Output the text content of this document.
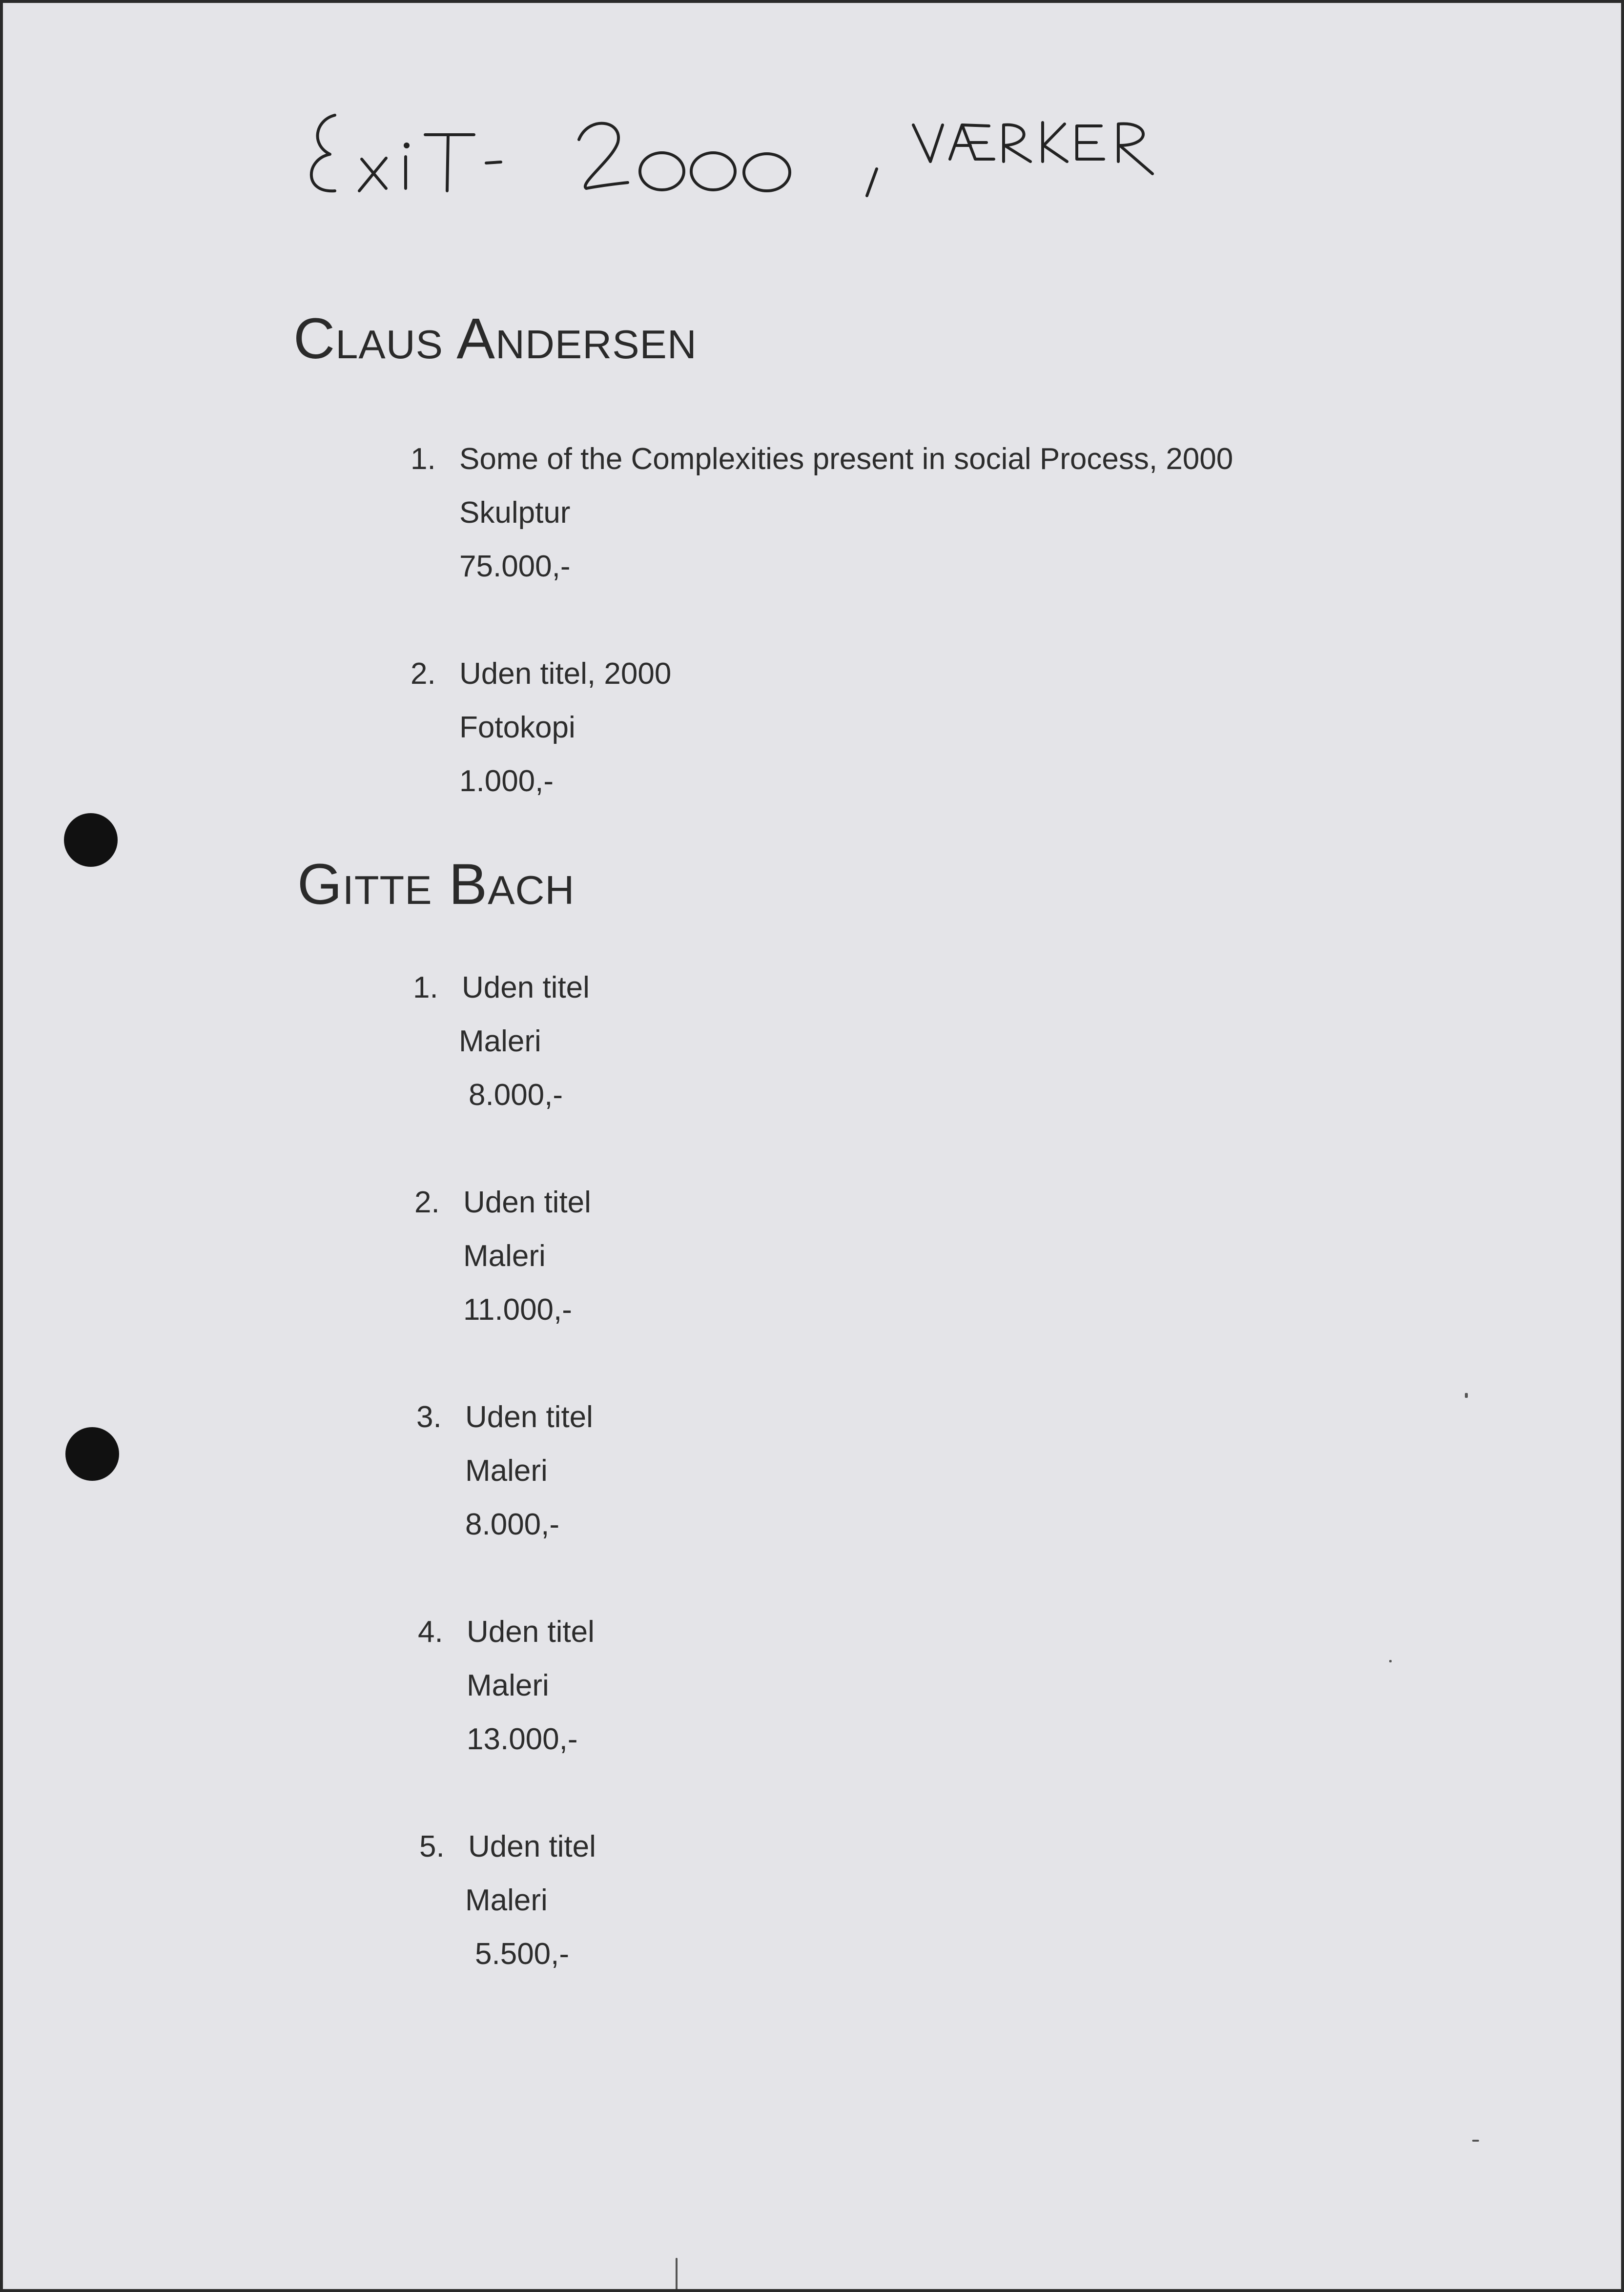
Claus Andersen
1. Some of the Complexities present in social Process, 2000
Skulptur
75.000,-
2. Uden titel, 2000
Fotokopi
1.000,-
Gitte Bach
1. Uden titel
Maleri
8.000,-
2. Uden titel
Maleri
11.000,-
3. Uden titel
Maleri
8.000,-
4. Uden titel
Maleri
13.000,-
5. Uden titel
Maleri
5.500,-
